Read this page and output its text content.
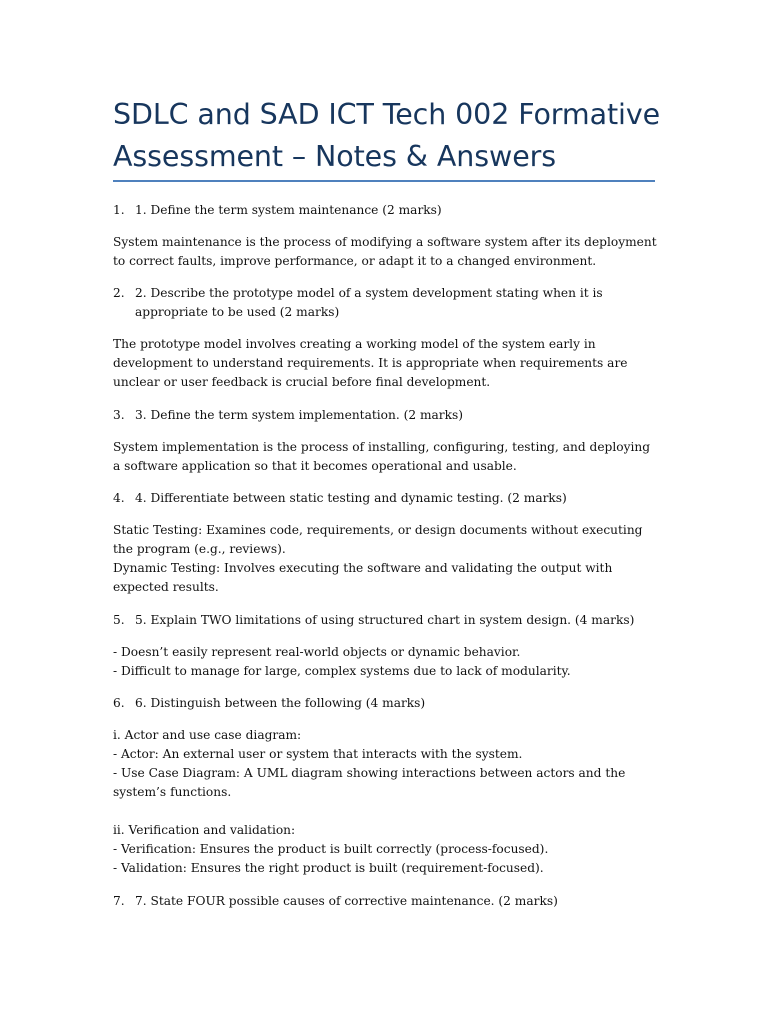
SDLC and SAD ICT Tech 002 Formative Assessment – Notes & Answers
1. 1. Define the term system maintenance (2 marks)

System maintenance is the process of modifying a software system after its deployment to correct faults, improve performance, or adapt it to a changed environment.

2. 2. Describe the prototype model of a system development stating when it is appropriate to be used (2 marks)

The prototype model involves creating a working model of the system early in development to understand requirements. It is appropriate when requirements are unclear or user feedback is crucial before final development.

3. 3. Define the term system implementation. (2 marks)

System implementation is the process of installing, configuring, testing, and deploying a software application so that it becomes operational and usable.

4. 4. Differentiate between static testing and dynamic testing. (2 marks)

Static Testing: Examines code, requirements, or design documents without executing the program (e.g., reviews).

Dynamic Testing: Involves executing the software and validating the output with expected results.

5. 5. Explain TWO limitations of using structured chart in system design. (4 marks)

- Doesn’t easily represent real-world objects or dynamic behavior.

- Difficult to manage for large, complex systems due to lack of modularity.

6. 6. Distinguish between the following (4 marks)

i. Actor and use case diagram:

- Actor: An external user or system that interacts with the system.

- Use Case Diagram: A UML diagram showing interactions between actors and the system’s functions.

ii. Verification and validation:

- Verification: Ensures the product is built correctly (process-focused).

- Validation: Ensures the right product is built (requirement-focused).

7. 7. State FOUR possible causes of corrective maintenance. (2 marks)
